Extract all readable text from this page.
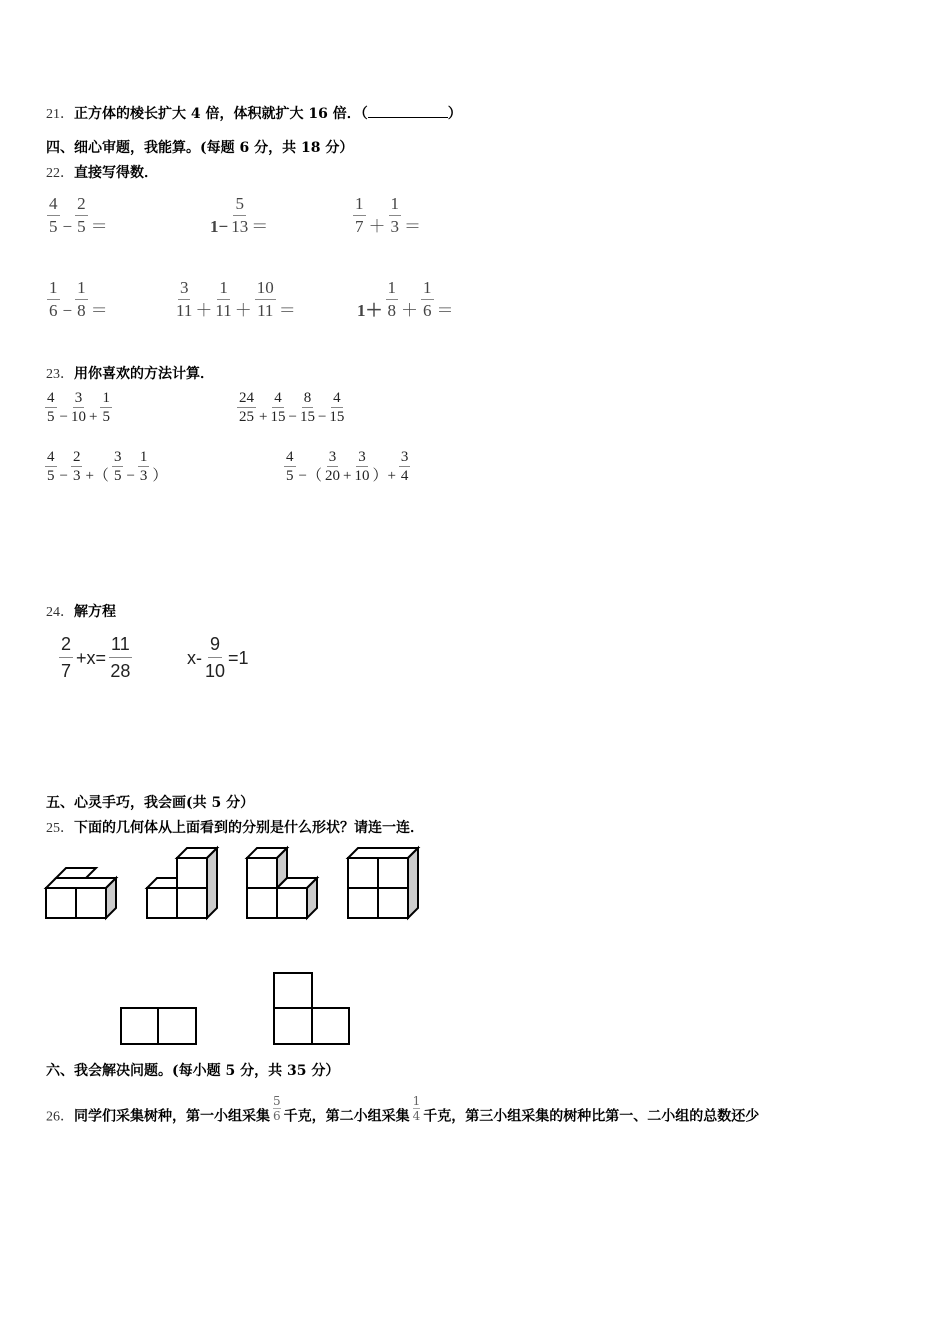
21．正方体的棱长扩大 4 倍，体积就扩大 16 倍．（	）
四、细心审题，我能算。(每题 6 分，共 18 分）
22．直接写得数．
$\frac{4}{5} - \frac{2}{5}$ ＝	$1- \frac{5}{13}$ ＝	$\frac{1}{7} + \frac{1}{3}$ ＝
$\frac{1}{6} - \frac{1}{8}$ ＝	$\frac{3}{11} + \frac{1}{11} + \frac{10}{11}$ ＝	$1+ \frac{1}{8} + \frac{1}{6}$ ＝
23．用你喜欢的方法计算．
$\frac{4}{5} - \frac{3}{10} + \frac{1}{5}$	$\frac{24}{25} + \frac{4}{15} - \frac{8}{15} - \frac{4}{15}$
$\frac{4}{5} - \frac{2}{3}$ +（ $\frac{3}{5} - \frac{1}{3}$ ）	$\frac{4}{5}$ −（ $\frac{3}{20} + \frac{3}{10}$ ）+ $\frac{3}{4}$
24．解方程
$\frac{2}{7} +x= \frac{11}{28}$	$x- \frac{9}{10} =1$
五、心灵手巧，我会画(共 5 分）
25．下面的几何体从上面看到的分别是什么形状？请连一连．
六、我会解决问题。(每小题 5 分，共 35 分）
26．同学们采集树种，第一小组采集 $\frac{5}{6}$ 千克，第二小组采集 $\frac{1}{4}$ 千克，第三小组采集的树种比第一、二小组的总数还少
